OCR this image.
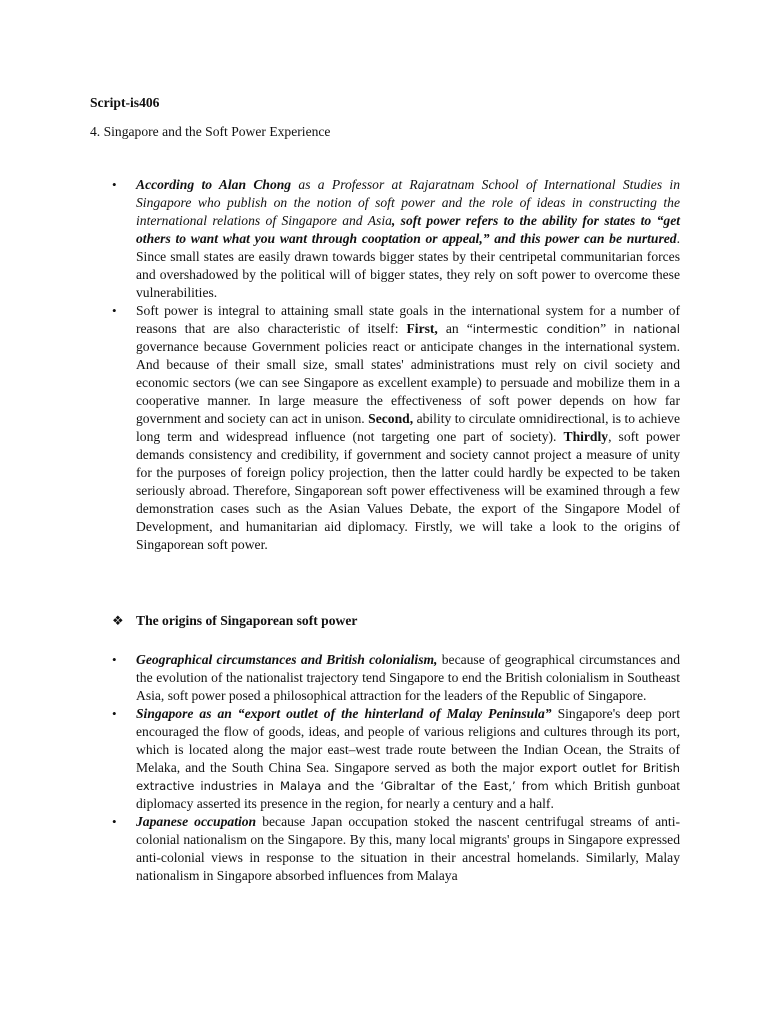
Script-is406
4. Singapore and the Soft Power Experience
• According to Alan Chong as a Professor at Rajaratnam School of International Studies in Singapore who publish on the notion of soft power and the role of ideas in constructing the international relations of Singapore and Asia, soft power refers to the ability for states to “get others to want what you want through cooptation or appeal,” and this power can be nurtured. Since small states are easily drawn towards bigger states by their centripetal communitarian forces and overshadowed by the political will of bigger states, they rely on soft power to overcome these vulnerabilities.
• Soft power is integral to attaining small state goals in the international system for a number of reasons that are also characteristic of itself: First, an “intermestic condition” in national governance because Government policies react or anticipate changes in the international system. And because of their small size, small states' administrations must rely on civil society and economic sectors (we can see Singapore as excellent example) to persuade and mobilize them in a cooperative manner. In large measure the effectiveness of soft power depends on how far government and society can act in unison. Second, ability to circulate omnidirectional, is to achieve long term and widespread influence (not targeting one part of society). Thirdly, soft power demands consistency and credibility, if government and society cannot project a measure of unity for the purposes of foreign policy projection, then the latter could hardly be expected to be taken seriously abroad. Therefore, Singaporean soft power effectiveness will be examined through a few demonstration cases such as the Asian Values Debate, the export of the Singapore Model of Development, and humanitarian aid diplomacy. Firstly, we will take a look to the origins of Singaporean soft power.
❖ The origins of Singaporean soft power
• Geographical circumstances and British colonialism, because of geographical circumstances and the evolution of the nationalist trajectory tend Singapore to end the British colonialism in Southeast Asia, soft power posed a philosophical attraction for the leaders of the Republic of Singapore.
• Singapore as an “export outlet of the hinterland of Malay Peninsula” Singapore's deep port encouraged the flow of goods, ideas, and people of various religions and cultures through its port, which is located along the major east–west trade route between the Indian Ocean, the Straits of Melaka, and the South China Sea. Singapore served as both the major export outlet for British extractive industries in Malaya and the ‘Gibraltar of the East,’ from which British gunboat diplomacy asserted its presence in the region, for nearly a century and a half.
• Japanese occupation because Japan occupation stoked the nascent centrifugal streams of anti-colonial nationalism on the Singapore. By this, many local migrants' groups in Singapore expressed anti-colonial views in response to the situation in their ancestral homelands. Similarly, Malay nationalism in Singapore absorbed influences from Malaya
